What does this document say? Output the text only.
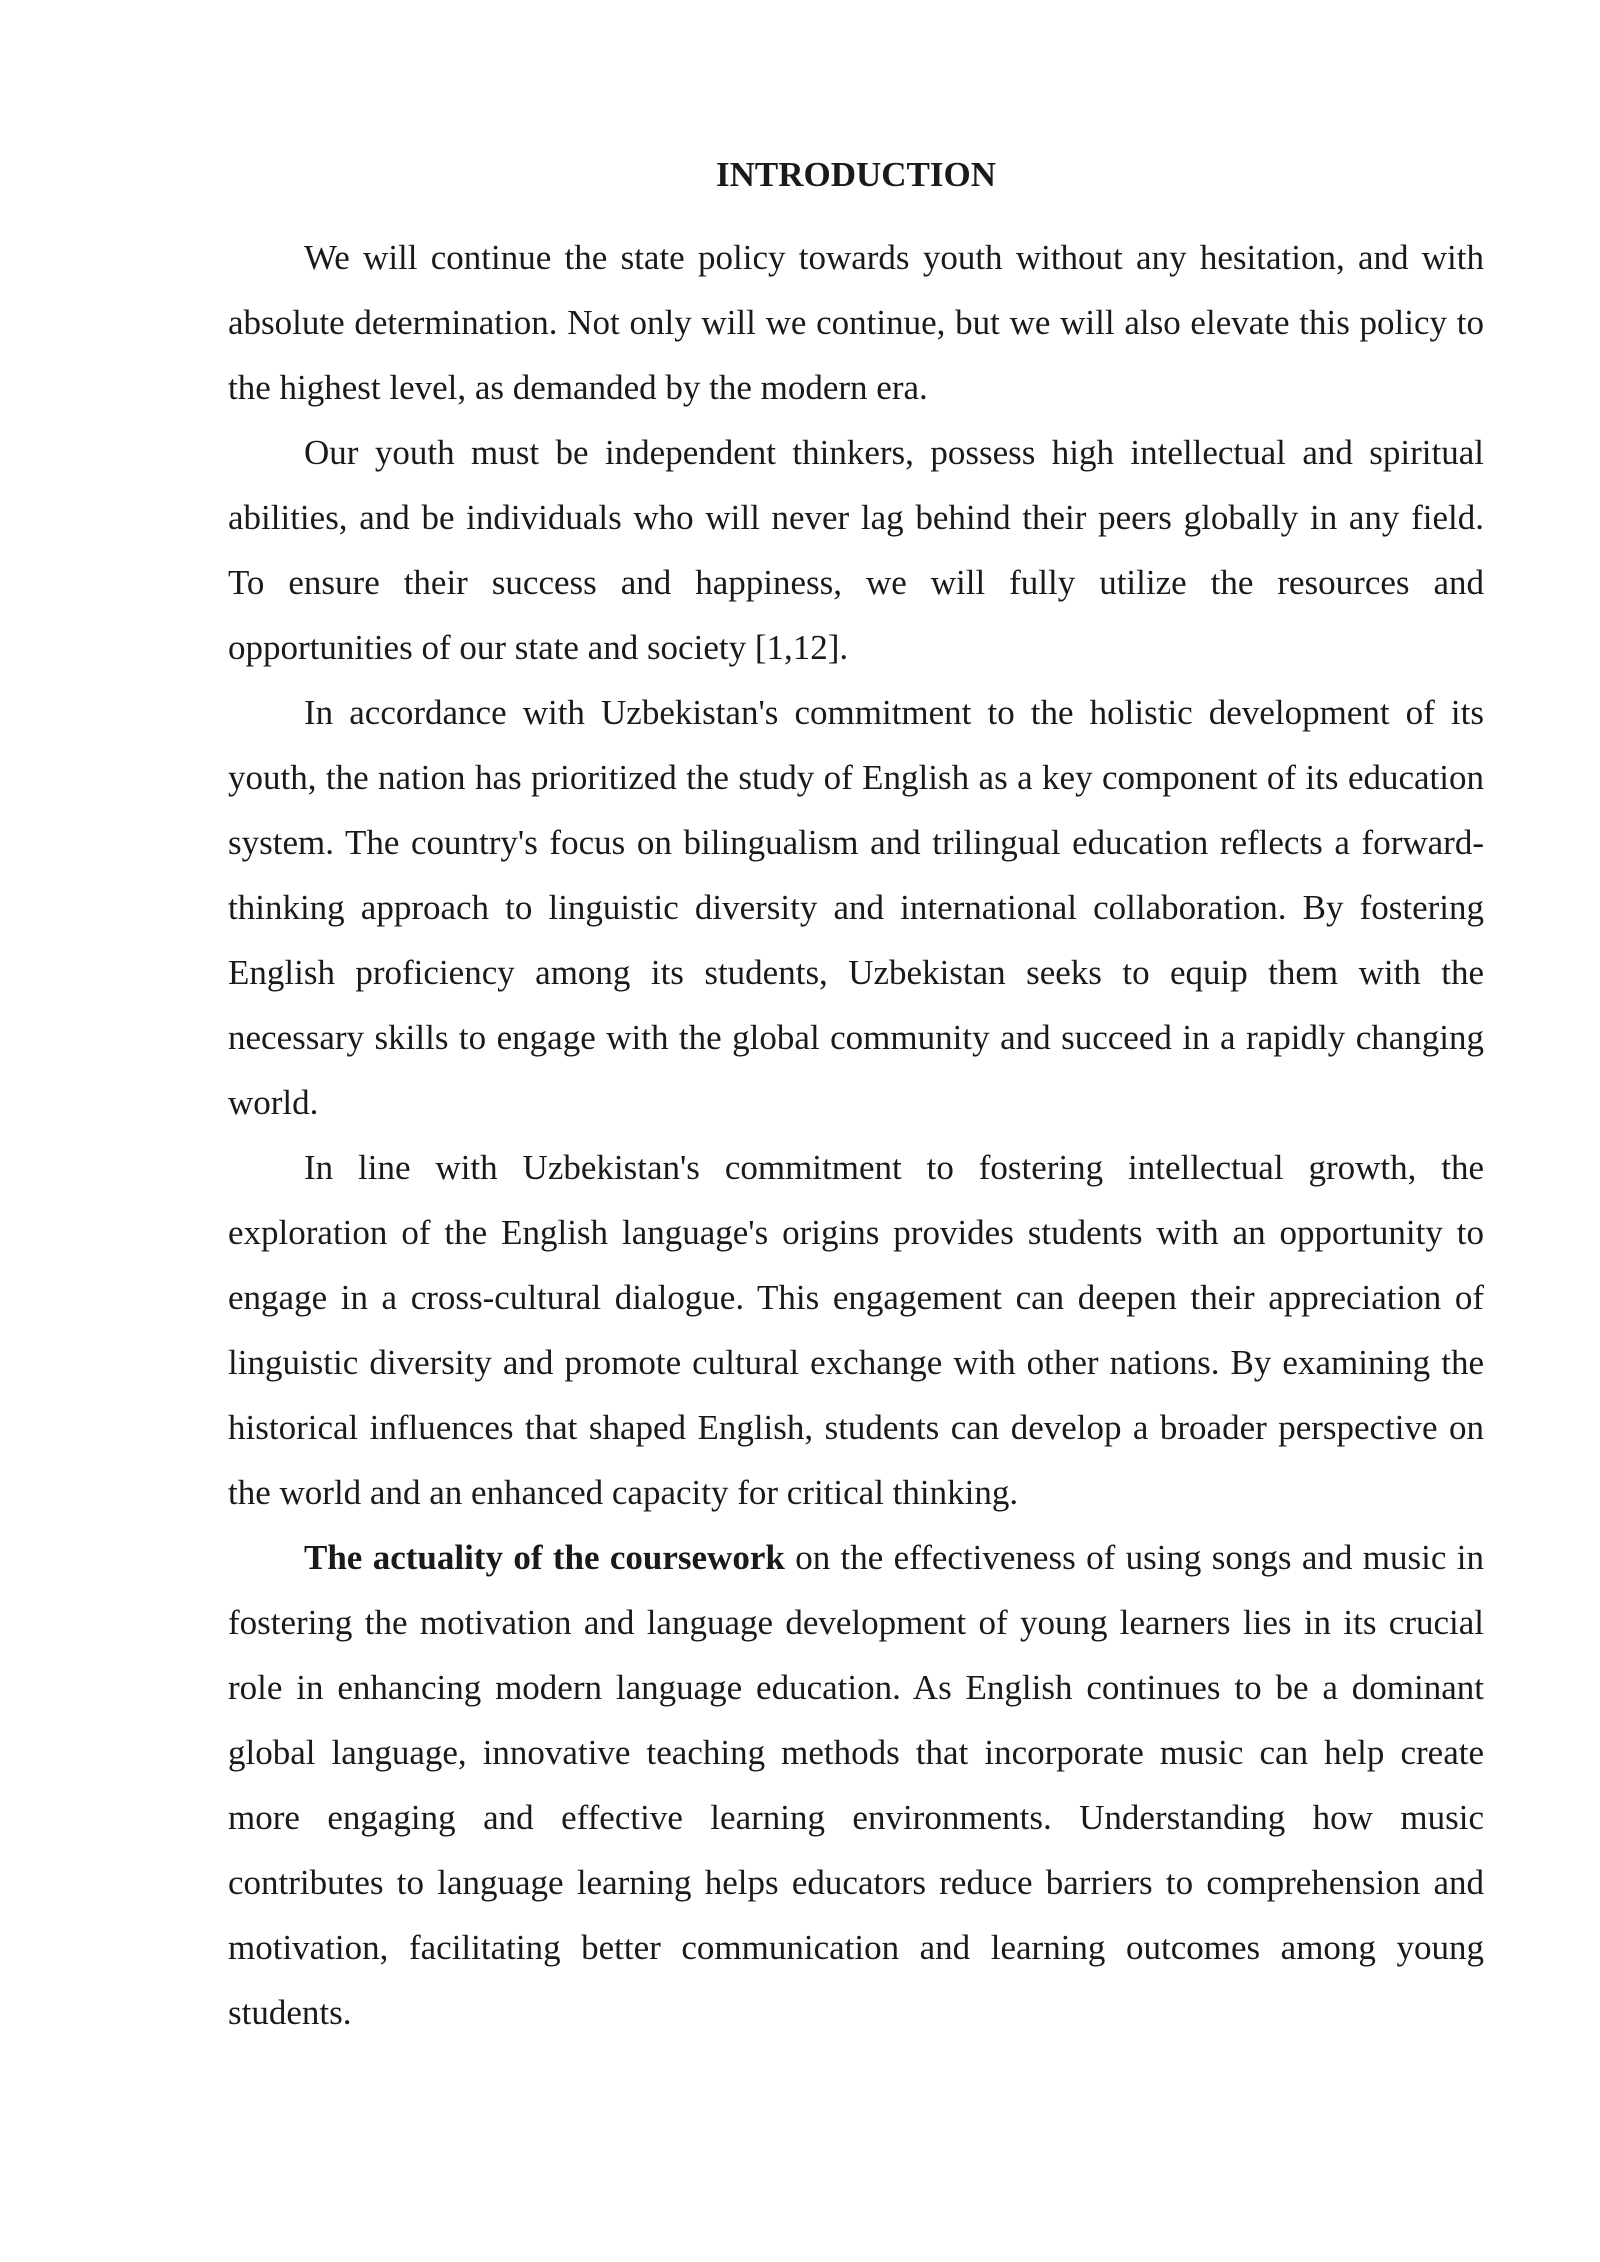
INTRODUCTION

We will continue the state policy towards youth without any hesitation, and with absolute determination. Not only will we continue, but we will also elevate this policy to the highest level, as demanded by the modern era.

Our youth must be independent thinkers, possess high intellectual and spiritual abilities, and be individuals who will never lag behind their peers globally in any field. To ensure their success and happiness, we will fully utilize the resources and opportunities of our state and society [1,12].

In accordance with Uzbekistan's commitment to the holistic development of its youth, the nation has prioritized the study of English as a key component of its education system. The country's focus on bilingualism and trilingual education reflects a forward-thinking approach to linguistic diversity and international collaboration. By fostering English proficiency among its students, Uzbekistan seeks to equip them with the necessary skills to engage with the global community and succeed in a rapidly changing world.

In line with Uzbekistan's commitment to fostering intellectual growth, the exploration of the English language's origins provides students with an opportunity to engage in a cross-cultural dialogue. This engagement can deepen their appreciation of linguistic diversity and promote cultural exchange with other nations. By examining the historical influences that shaped English, students can develop a broader perspective on the world and an enhanced capacity for critical thinking.

The actuality of the coursework on the effectiveness of using songs and music in fostering the motivation and language development of young learners lies in its crucial role in enhancing modern language education. As English continues to be a dominant global language, innovative teaching methods that incorporate music can help create more engaging and effective learning environments. Understanding how music contributes to language learning helps educators reduce barriers to comprehension and motivation, facilitating better communication and learning outcomes among young students.
